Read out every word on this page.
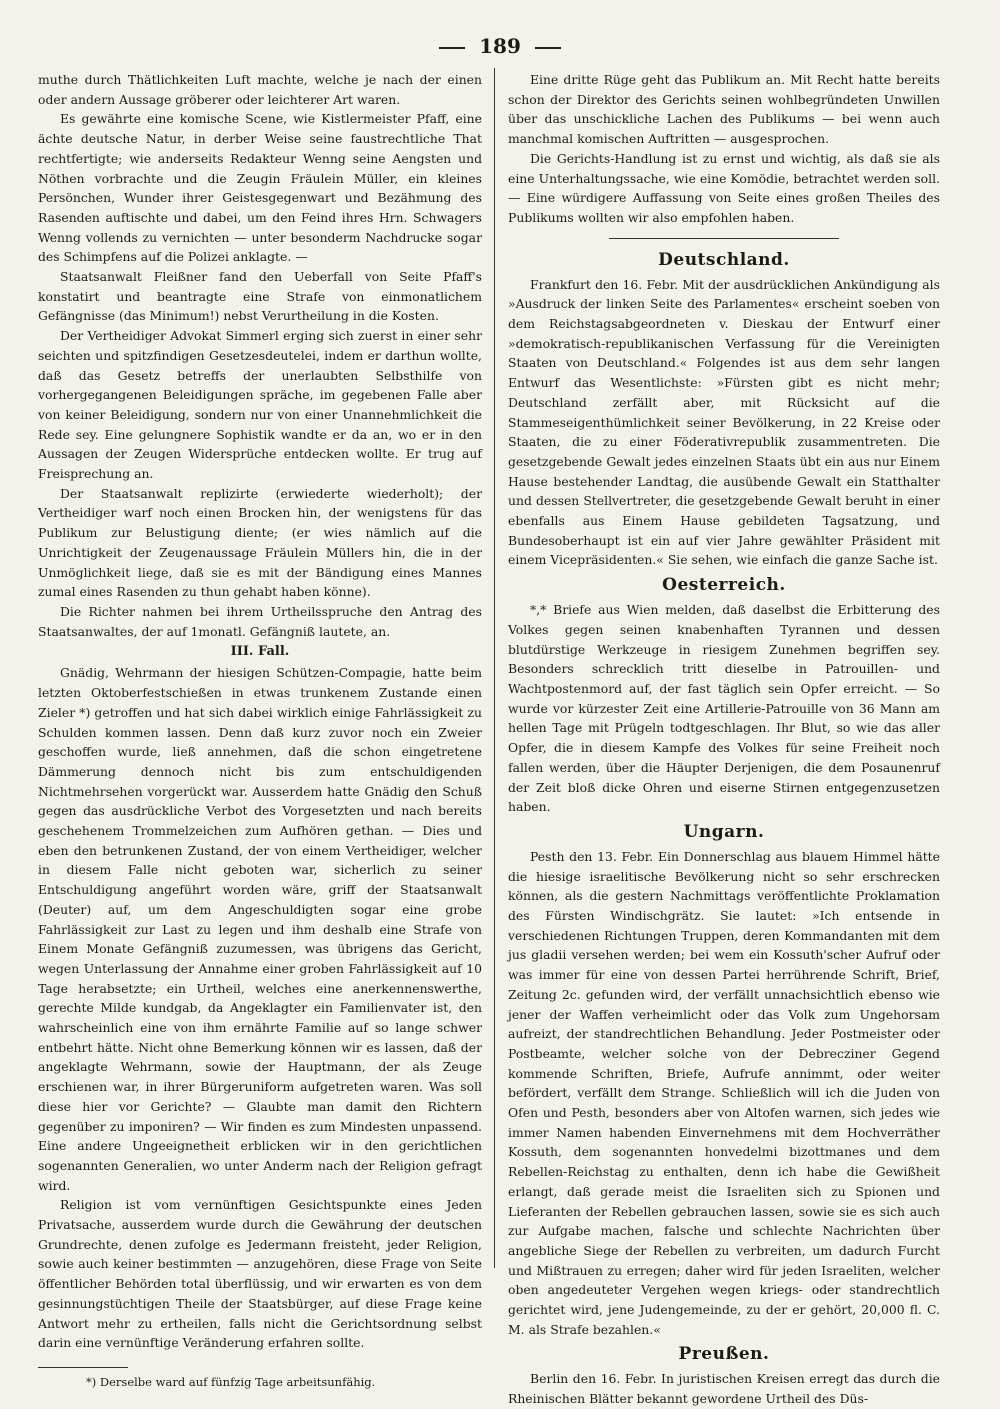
189

muthe durch Thätlichkeiten Luft machte, welche je nach der einen oder andern Aussage gröberer oder leichterer Art waren.

Es gewährte eine komische Scene, wie Kistlermeister Pfaff, eine ächte deutsche Natur, in derber Weise seine faustrechtliche That rechtfertigte; wie anderseits Redakteur Wenng seine Aengsten und Nöthen vorbrachte und die Zeugin Fräulein Müller, ein kleines Persönchen, Wunder ihrer Geistesgegenwart und Bezähmung des Rasenden auftischte und dabei, um den Feind ihres Hrn. Schwagers Wenng vollends zu vernichten — unter besonderm Nachdrucke sogar des Schimpfens auf die Polizei anklagte. —

Staatsanwalt Fleißner fand den Ueberfall von Seite Pfaff's konstatirt und beantragte eine Strafe von einmonatlichem Gefängnisse (das Minimum!) nebst Verurtheilung in die Kosten.

Der Vertheidiger Advokat Simmerl erging sich zuerst in einer sehr seichten und spitzfindigen Gesetzesdeutelei, indem er darthun wollte, daß das Gesetz betreffs der unerlaubten Selbsthilfe von vorhergegangenen Beleidigungen spräche, im gegebenen Falle aber von keiner Beleidigung, sondern nur von einer Unannehmlichkeit die Rede sey. Eine gelungnere Sophistik wandte er da an, wo er in den Aussagen der Zeugen Widersprüche entdecken wollte. Er trug auf Freisprechung an.

Der Staatsanwalt replizirte (erwiederte wiederholt); der Vertheidiger warf noch einen Brocken hin, der wenigstens für das Publikum zur Belustigung diente; (er wies nämlich auf die Unrichtigkeit der Zeugenaussage Fräulein Müllers hin, die in der Unmöglichkeit liege, daß sie es mit der Bändigung eines Mannes zumal eines Rasenden zu thun gehabt haben könne).

Die Richter nahmen bei ihrem Urtheilsspruche den Antrag des Staatsanwaltes, der auf 1monatl. Gefängniß lautete, an.

III. Fall.

Gnädig, Wehrmann der hiesigen Schützen-Compagie, hatte beim letzten Oktoberfestschießen in etwas trunkenem Zustande einen Zieler *) getroffen und hat sich dabei wirklich einige Fahrlässigkeit zu Schulden kommen lassen. Denn daß kurz zuvor noch ein Zweier geschoffen wurde, ließ annehmen, daß die schon eingetretene Dämmerung dennoch nicht bis zum entschuldigenden Nichtmehrsehen vorgerückt war. Ausserdem hatte Gnädig den Schuß gegen das ausdrückliche Verbot des Vorgesetzten und nach bereits geschehenem Trommelzeichen zum Aufhören gethan. — Dies und eben den betrunkenen Zustand, der von einem Vertheidiger, welcher in diesem Falle nicht geboten war, sicherlich zu seiner Entschuldigung angeführt worden wäre, griff der Staatsanwalt (Deuter) auf, um dem Angeschuldigten sogar eine grobe Fahrlässigkeit zur Last zu legen und ihm deshalb eine Strafe von Einem Monate Gefängniß zuzumessen, was übrigens das Gericht, wegen Unterlassung der Annahme einer groben Fahrlässigkeit auf 10 Tage herabsetzte; ein Urtheil, welches eine anerkennenswerthe, gerechte Milde kundgab, da Angeklagter ein Familienvater ist, den wahrscheinlich eine von ihm ernährte Familie auf so lange schwer entbehrt hätte. Nicht ohne Bemerkung können wir es lassen, daß der angeklagte Wehrmann, sowie der Hauptmann, der als Zeuge erschienen war, in ihrer Bürgeruniform aufgetreten waren. Was soll diese hier vor Gerichte? — Glaubte man damit den Richtern gegenüber zu imponiren? — Wir finden es zum Mindesten unpassend. Eine andere Ungeeignetheit erblicken wir in den gerichtlichen sogenannten Generalien, wo unter Anderm nach der Religion gefragt wird.

Religion ist vom vernünftigen Gesichtspunkte eines Jeden Privatsache, ausserdem wurde durch die Gewährung der deutschen Grundrechte, denen zufolge es Jedermann freisteht, jeder Religion, sowie auch keiner bestimmten — anzugehören, diese Frage von Seite öffentlicher Behörden total überflüssig, und wir erwarten es von dem gesinnungstüchtigen Theile der Staatsbürger, auf diese Frage keine Antwort mehr zu ertheilen, falls nicht die Gerichtsordnung selbst darin eine vernünftige Veränderung erfahren sollte.

*) Derselbe ward auf fünfzig Tage arbeitsunfähig.

Eine dritte Rüge geht das Publikum an. Mit Recht hatte bereits schon der Direktor des Gerichts seinen wohlbegründeten Unwillen über das unschickliche Lachen des Publikums — bei wenn auch manchmal komischen Auftritten — ausgesprochen.

Die Gerichts-Handlung ist zu ernst und wichtig, als daß sie als eine Unterhaltungssache, wie eine Komödie, betrachtet werden soll. — Eine würdigere Auffassung von Seite eines großen Theiles des Publikums wollten wir also empfohlen haben.

Deutschland.

Frankfurt den 16. Febr. Mit der ausdrücklichen Ankündigung als »Ausdruck der linken Seite des Parlamentes« erscheint soeben von dem Reichstagsabgeordneten v. Dieskau der Entwurf einer »demokratisch-republikanischen Verfassung für die Vereinigten Staaten von Deutschland.« Folgendes ist aus dem sehr langen Entwurf das Wesentlichste: »Fürsten gibt es nicht mehr; Deutschland zerfällt aber, mit Rücksicht auf die Stammeseigenthümlichkeit seiner Bevölkerung, in 22 Kreise oder Staaten, die zu einer Föderativrepublik zusammentreten. Die gesetzgebende Gewalt jedes einzelnen Staats übt ein aus nur Einem Hause bestehender Landtag, die ausübende Gewalt ein Statthalter und dessen Stellvertreter, die gesetzgebende Gewalt beruht in einer ebenfalls aus Einem Hause gebildeten Tagsatzung, und Bundesoberhaupt ist ein auf vier Jahre gewählter Präsident mit einem Vicepräsidenten.« Sie sehen, wie einfach die ganze Sache ist.

Oesterreich.

*,* Briefe aus Wien melden, daß daselbst die Erbitterung des Volkes gegen seinen knabenhaften Tyrannen und dessen blutdürstige Werkzeuge in riesigem Zunehmen begriffen sey. Besonders schrecklich tritt dieselbe in Patrouillen- und Wachtpostenmord auf, der fast täglich sein Opfer erreicht. — So wurde vor kürzester Zeit eine Artillerie-Patrouille von 36 Mann am hellen Tage mit Prügeln todtgeschlagen. Ihr Blut, so wie das aller Opfer, die in diesem Kampfe des Volkes für seine Freiheit noch fallen werden, über die Häupter Derjenigen, die dem Posaunenruf der Zeit bloß dicke Ohren und eiserne Stirnen entgegenzusetzen haben.

Ungarn.

Pesth den 13. Febr. Ein Donnerschlag aus blauem Himmel hätte die hiesige israelitische Bevölkerung nicht so sehr erschrecken können, als die gestern Nachmittags veröffentlichte Proklamation des Fürsten Windischgrätz. Sie lautet: »Ich entsende in verschiedenen Richtungen Truppen, deren Kommandanten mit dem jus gladii versehen werden; bei wem ein Kossuth'scher Aufruf oder was immer für eine von dessen Partei herrührende Schrift, Brief, Zeitung 2c. gefunden wird, der verfällt unnachsichtlich ebenso wie jener der Waffen verheimlicht oder das Volk zum Ungehorsam aufreizt, der standrechtlichen Behandlung. Jeder Postmeister oder Postbeamte, welcher solche von der Debrecziner Gegend kommende Schriften, Briefe, Aufrufe annimmt, oder weiter befördert, verfällt dem Strange. Schließlich will ich die Juden von Ofen und Pesth, besonders aber von Altofen warnen, sich jedes wie immer Namen habenden Einvernehmens mit dem Hochverräther Kossuth, dem sogenannten honvedelmi bizottmanes und dem Rebellen-Reichstag zu enthalten, denn ich habe die Gewißheit erlangt, daß gerade meist die Israeliten sich zu Spionen und Lieferanten der Rebellen gebrauchen lassen, sowie sie es sich auch zur Aufgabe machen, falsche und schlechte Nachrichten über angebliche Siege der Rebellen zu verbreiten, um dadurch Furcht und Mißtrauen zu erregen; daher wird für jeden Israeliten, welcher oben angedeuteter Vergehen wegen kriegs- oder standrechtlich gerichtet wird, jene Judengemeinde, zu der er gehört, 20,000 fl. C. M. als Strafe bezahlen.«

Preußen.

Berlin den 16. Febr. In juristischen Kreisen erregt das durch die Rheinischen Blätter bekannt gewordene Urtheil des Düs-
